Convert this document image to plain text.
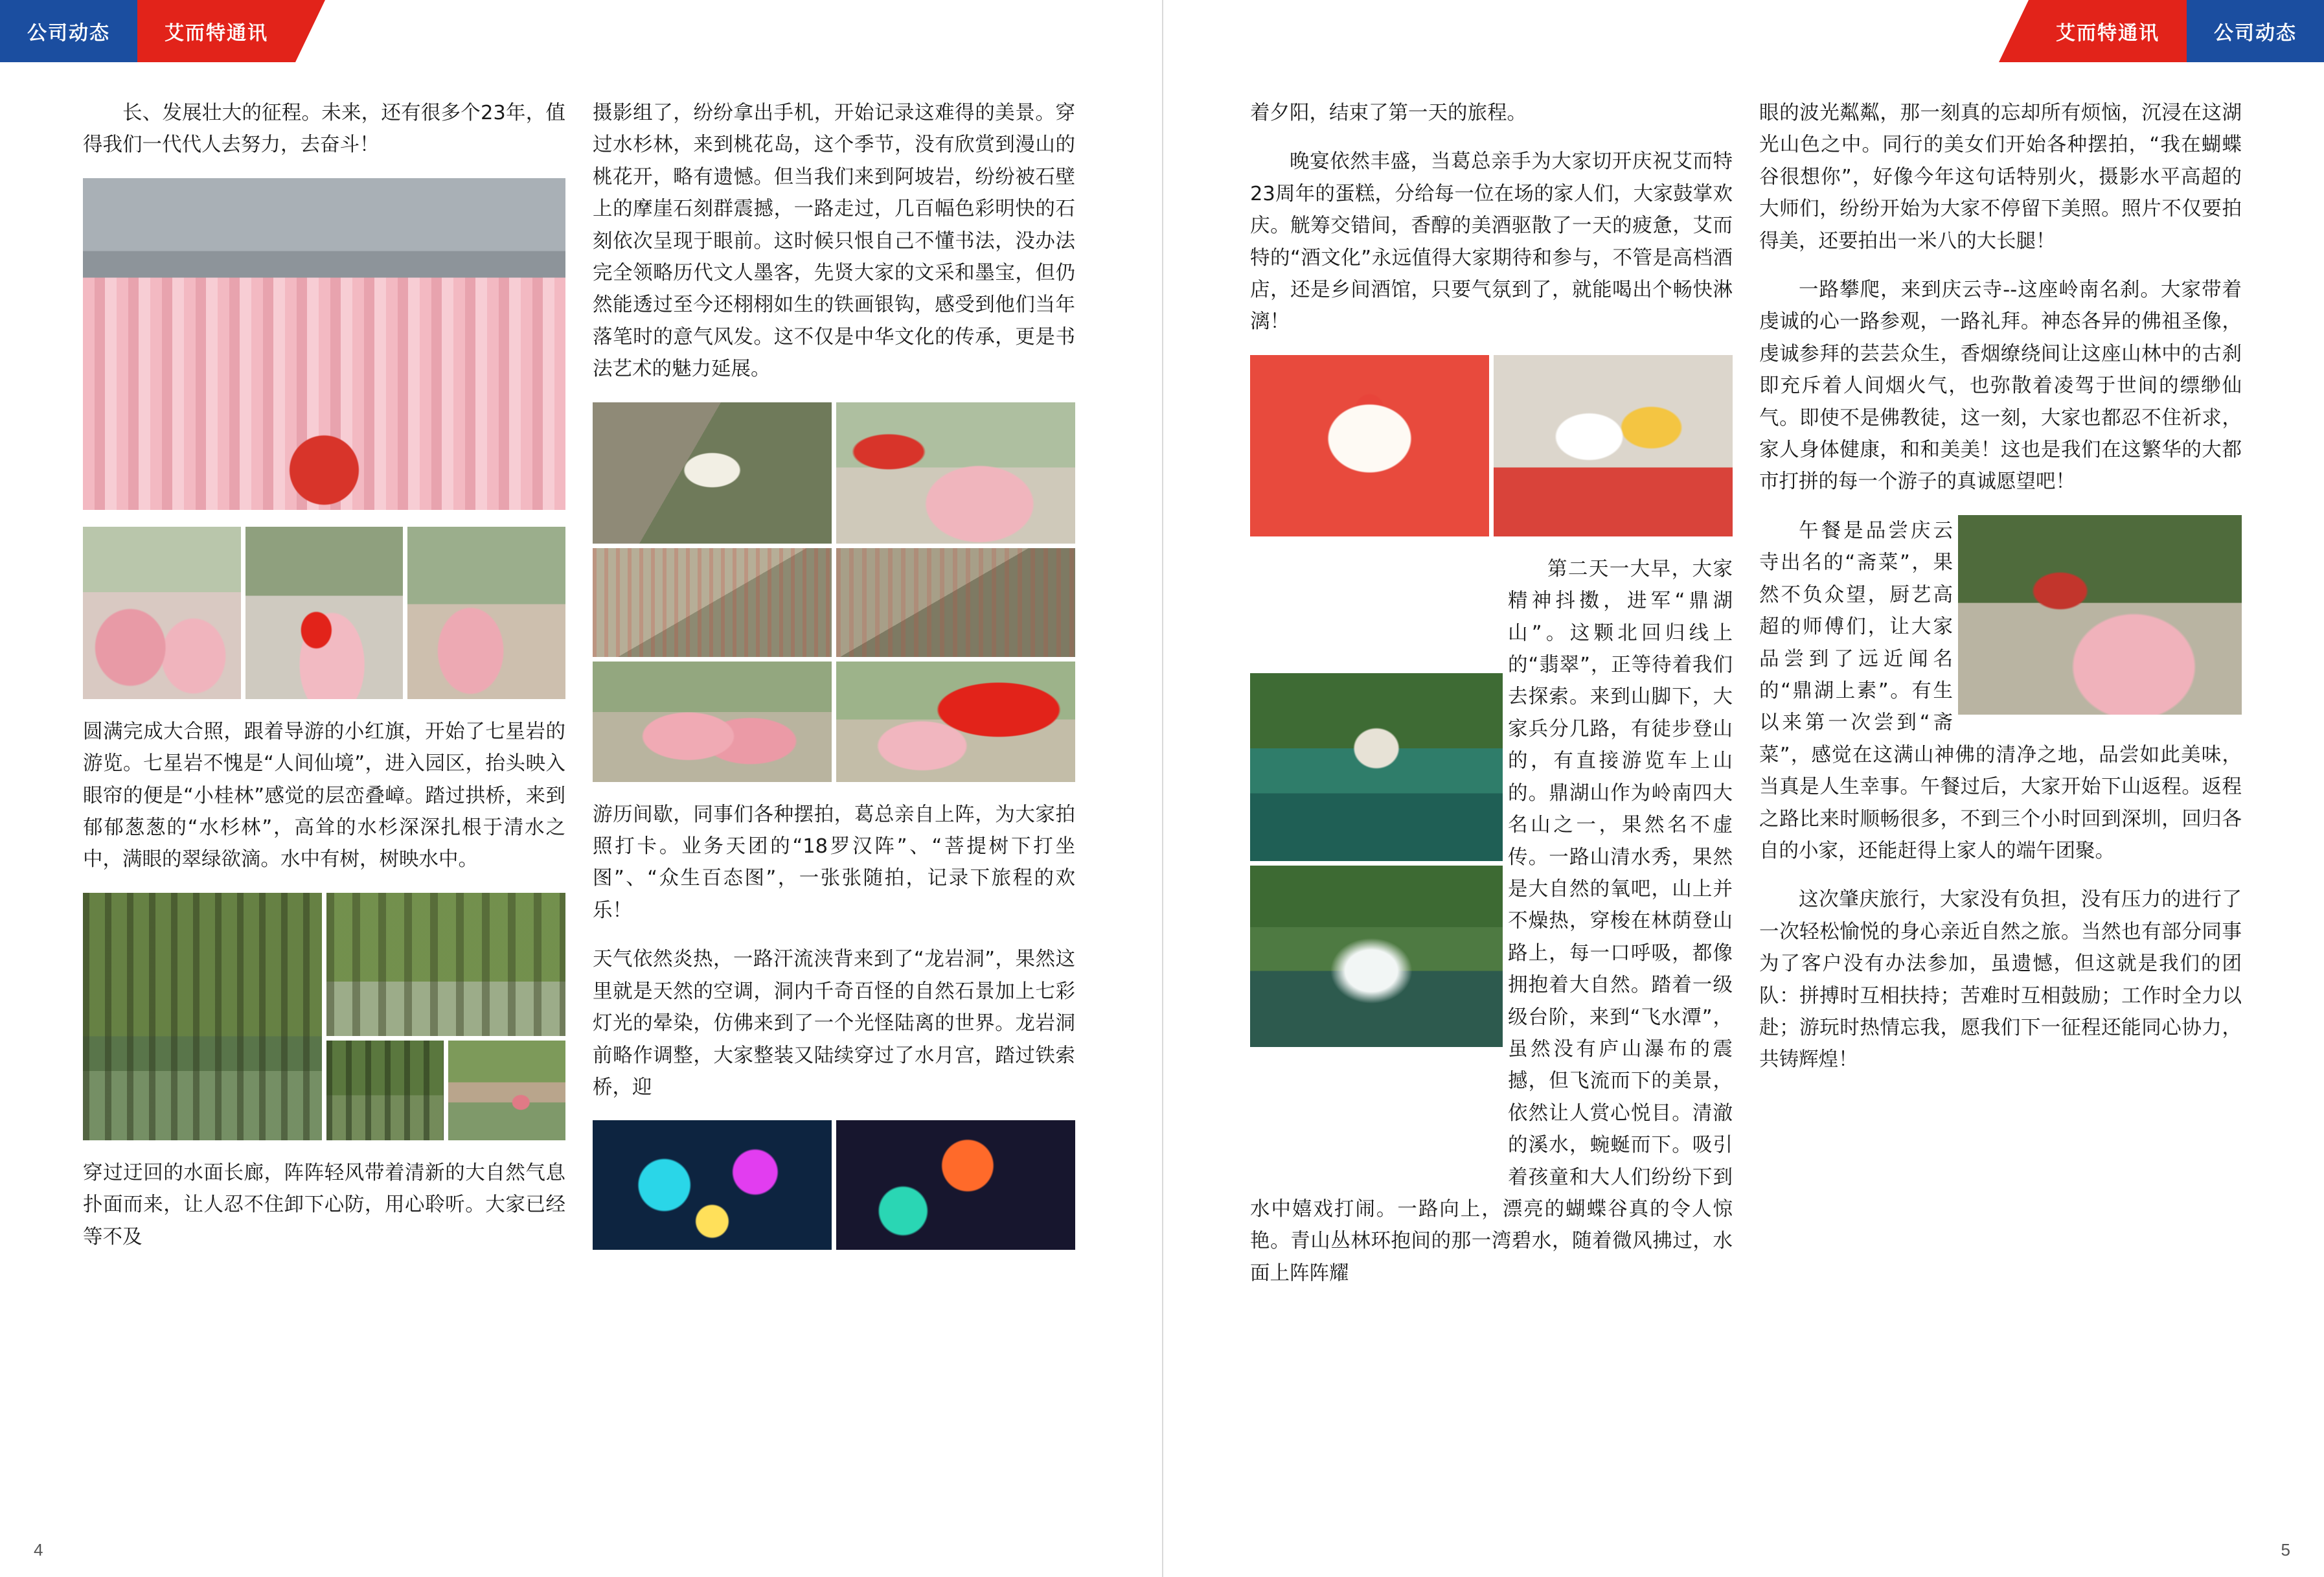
公司动态	艾而特通讯	艾而特通讯	公司动态

长、发展壮大的征程。未来，还有很多个23年，值得我们一代代人去努力，去奋斗！

圆满完成大合照，跟着导游的小红旗，开始了七星岩的游览。七星岩不愧是“人间仙境”，进入园区，抬头映入眼帘的便是“小桂林”感觉的层峦叠嶂。踏过拱桥，来到郁郁葱葱的“水杉林”，高耸的水杉深深扎根于清水之中，满眼的翠绿欲滴。水中有树，树映水中。

穿过迂回的水面长廊，阵阵轻风带着清新的大自然气息扑面而来，让人忍不住卸下心防，用心聆听。大家已经等不及

摄影组了，纷纷拿出手机，开始记录这难得的美景。穿过水杉林，来到桃花岛，这个季节，没有欣赏到漫山的桃花开，略有遗憾。但当我们来到阿坡岩，纷纷被石壁上的摩崖石刻群震撼，一路走过，几百幅色彩明快的石刻依次呈现于眼前。这时候只恨自己不懂书法，没办法完全领略历代文人墨客，先贤大家的文采和墨宝，但仍然能透过至今还栩栩如生的铁画银钩，感受到他们当年落笔时的意气风发。这不仅是中华文化的传承，更是书法艺术的魅力延展。

游历间歇，同事们各种摆拍，葛总亲自上阵，为大家拍照打卡。业务天团的“18罗汉阵”、“菩提树下打坐图”、“众生百态图”，一张张随拍，记录下旅程的欢乐！

天气依然炎热，一路汗流浃背来到了“龙岩洞”，果然这里就是天然的空调，洞内千奇百怪的自然石景加上七彩灯光的晕染，仿佛来到了一个光怪陆离的世界。龙岩洞前略作调整，大家整装又陆续穿过了水月宫，踏过铁索桥，迎

着夕阳，结束了第一天的旅程。

晚宴依然丰盛，当葛总亲手为大家切开庆祝艾而特23周年的蛋糕，分给每一位在场的家人们，大家鼓掌欢庆。觥筹交错间，香醇的美酒驱散了一天的疲惫，艾而特的“酒文化”永远值得大家期待和参与，不管是高档酒店，还是乡间酒馆，只要气氛到了，就能喝出个畅快淋漓！

第二天一大早，大家精神抖擞，进军“鼎湖山”。这颗北回归线上的“翡翠”，正等待着我们去探索。来到山脚下，大家兵分几路，有徒步登山的，有直接游览车上山的。鼎湖山作为岭南四大名山之一，果然名不虚传。一路山清水秀，果然是大自然的氧吧，山上并不燥热，穿梭在林荫登山路上，每一口呼吸，都像拥抱着大自然。踏着一级级台阶，来到“飞水潭”，虽然没有庐山瀑布的震撼，但飞流而下的美景，依然让人赏心悦目。清澈的溪水，蜿蜒而下。吸引着孩童和大人们纷纷下到水中嬉戏打闹。一路向上，漂亮的蝴蝶谷真的令人惊艳。青山丛林环抱间的那一湾碧水，随着微风拂过，水面上阵阵耀

眼的波光粼粼，那一刻真的忘却所有烦恼，沉浸在这湖光山色之中。同行的美女们开始各种摆拍，“我在蝴蝶谷很想你”，好像今年这句话特别火，摄影水平高超的大师们，纷纷开始为大家不停留下美照。照片不仅要拍得美，还要拍出一米八的大长腿！

一路攀爬，来到庆云寺--这座岭南名刹。大家带着虔诚的心一路参观，一路礼拜。神态各异的佛祖圣像，虔诚参拜的芸芸众生，香烟缭绕间让这座山林中的古刹即充斥着人间烟火气，也弥散着凌驾于世间的缥缈仙气。即使不是佛教徒，这一刻，大家也都忍不住祈求，家人身体健康，和和美美！这也是我们在这繁华的大都市打拼的每一个游子的真诚愿望吧！

午餐是品尝庆云寺出名的“斋菜”，果然不负众望，厨艺高超的师傅们，让大家品尝到了远近闻名的“鼎湖上素”。有生以来第一次尝到“斋菜”，感觉在这满山神佛的清净之地，品尝如此美味，当真是人生幸事。午餐过后，大家开始下山返程。返程之路比来时顺畅很多，不到三个小时回到深圳，回归各自的小家，还能赶得上家人的端午团聚。

这次肇庆旅行，大家没有负担，没有压力的进行了一次轻松愉悦的身心亲近自然之旅。当然也有部分同事为了客户没有办法参加，虽遗憾，但这就是我们的团队：拼搏时互相扶持；苦难时互相鼓励；工作时全力以赴；游玩时热情忘我，愿我们下一征程还能同心协力，共铸辉煌！

4	5
